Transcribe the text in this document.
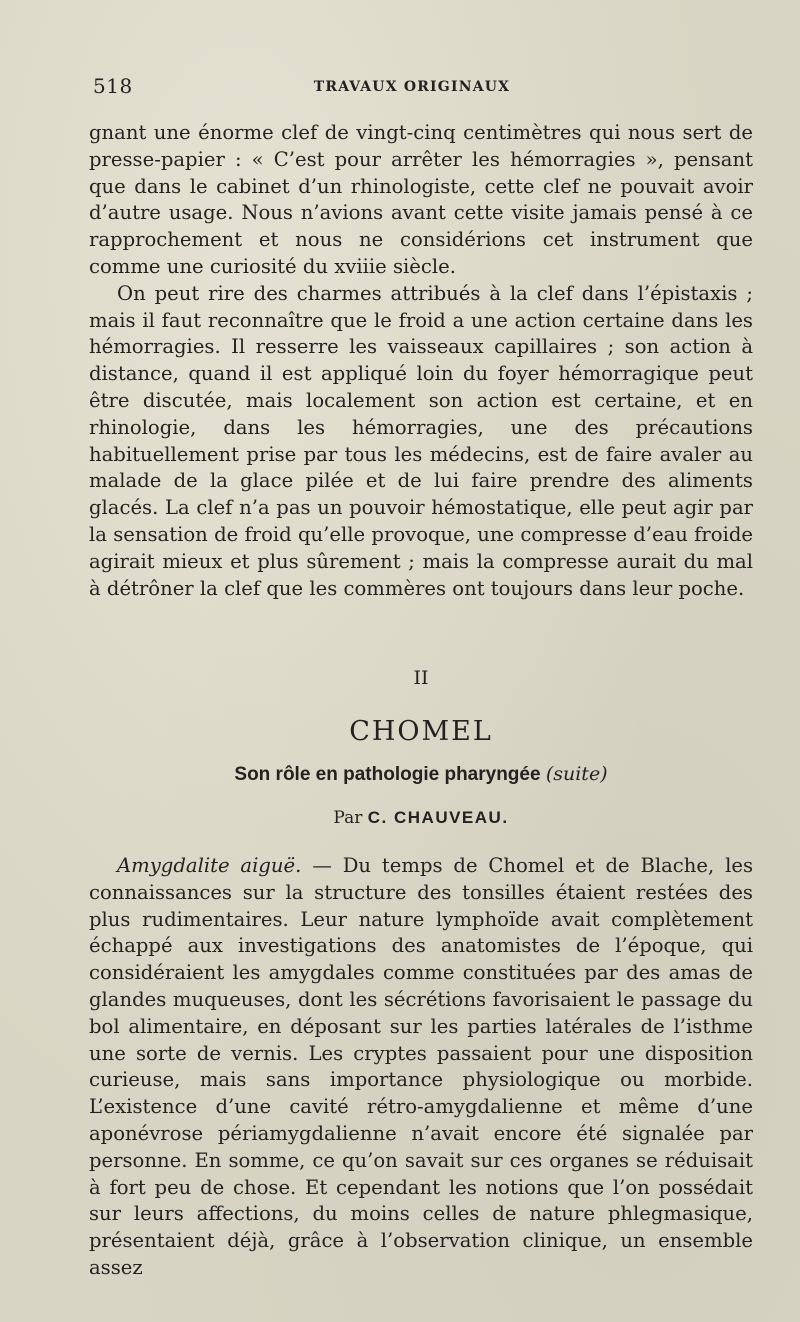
518	TRAVAUX ORIGINAUX

gnant une énorme clef de vingt-cinq centimètres qui nous sert de presse-papier : « C’est pour arrêter les hémorragies », pensant que dans le cabinet d’un rhinologiste, cette clef ne pouvait avoir d’autre usage. Nous n’avions avant cette visite jamais pensé à ce rapprochement et nous ne considérions cet instrument que comme une curiosité du xviiie siècle.

On peut rire des charmes attribués à la clef dans l’épistaxis ; mais il faut reconnaître que le froid a une action certaine dans les hémorragies. Il resserre les vaisseaux capillaires ; son action à distance, quand il est appliqué loin du foyer hémorragique peut être discutée, mais localement son action est certaine, et en rhinologie, dans les hémorragies, une des précautions habituellement prise par tous les médecins, est de faire avaler au malade de la glace pilée et de lui faire prendre des aliments glacés. La clef n’a pas un pouvoir hémostatique, elle peut agir par la sensation de froid qu’elle provoque, une compresse d’eau froide agirait mieux et plus sûrement ; mais la compresse aurait du mal à détrôner la clef que les commères ont toujours dans leur poche.

II
CHOMEL
Son rôle en pathologie pharyngée (suite)
Par C. CHAUVEAU.

Amygdalite aiguë. — Du temps de Chomel et de Blache, les connaissances sur la structure des tonsilles étaient restées des plus rudimentaires. Leur nature lymphoïde avait complètement échappé aux investigations des anatomistes de l’époque, qui considéraient les amygdales comme constituées par des amas de glandes muqueuses, dont les sécrétions favorisaient le passage du bol alimentaire, en déposant sur les parties latérales de l’isthme une sorte de vernis. Les cryptes passaient pour une disposition curieuse, mais sans importance physiologique ou morbide. L’existence d’une cavité rétro-amygdalienne et même d’une aponévrose périamygdalienne n’avait encore été signalée par personne. En somme, ce qu’on savait sur ces organes se réduisait à fort peu de chose. Et cependant les notions que l’on possédait sur leurs affections, du moins celles de nature phlegmasique, présentaient déjà, grâce à l’observation clinique, un ensemble assez
